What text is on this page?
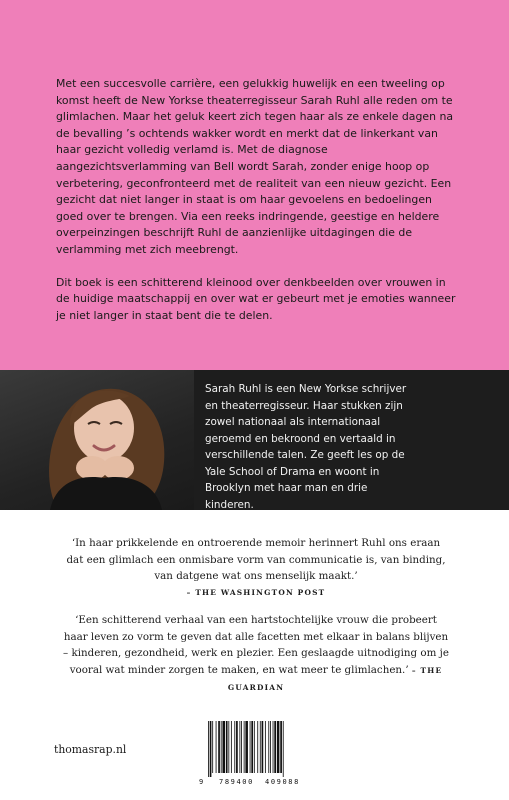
Met een succesvolle carrière, een gelukkig huwelijk en een tweeling op komst heeft de New Yorkse theaterregisseur Sarah Ruhl alle reden om te glimlachen. Maar het geluk keert zich tegen haar als ze enkele dagen na de bevalling ’s ochtends wakker wordt en merkt dat de linkerkant van haar gezicht volledig verlamd is. Met de diagnose aangezichtsverlamming van Bell wordt Sarah, zonder enige hoop op verbetering, geconfronteerd met de realiteit van een nieuw gezicht. Een gezicht dat niet langer in staat is om haar gevoelens en bedoelingen goed over te brengen. Via een reeks indringende, geestige en heldere overpeinzingen beschrijft Ruhl de aanzienlijke uitdagingen die de verlamming met zich meebrengt.

Dit boek is een schitterend kleinood over denkbeelden over vrouwen in de huidige maatschappij en over wat er gebeurt met je emoties wanneer je niet langer in staat bent die te delen.

Sarah Ruhl is een New Yorkse schrijver en theaterregisseur. Haar stukken zijn zowel nationaal als internationaal geroemd en bekroond en vertaald in verschillende talen. Ze geeft les op de Yale School of Drama en woont in Brooklyn met haar man en drie kinderen.
‘In haar prikkelende en ontroerende memoir herinnert Ruhl ons eraan dat een glimlach een onmisbare vorm van communicatie is, van binding, van datgene wat ons menselijk maakt.’
– THE WASHINGTON POST
‘Een schitterend verhaal van een hartstochtelijke vrouw die probeert haar leven zo vorm te geven dat alle facetten met elkaar in balans blijven – kinderen, gezondheid, werk en plezier. Een geslaagde uitnodiging om je vooral wat minder zorgen te maken, en wat meer te glimlachen.’ – THE GUARDIAN
thomasrap.nl
9 789400 409088
